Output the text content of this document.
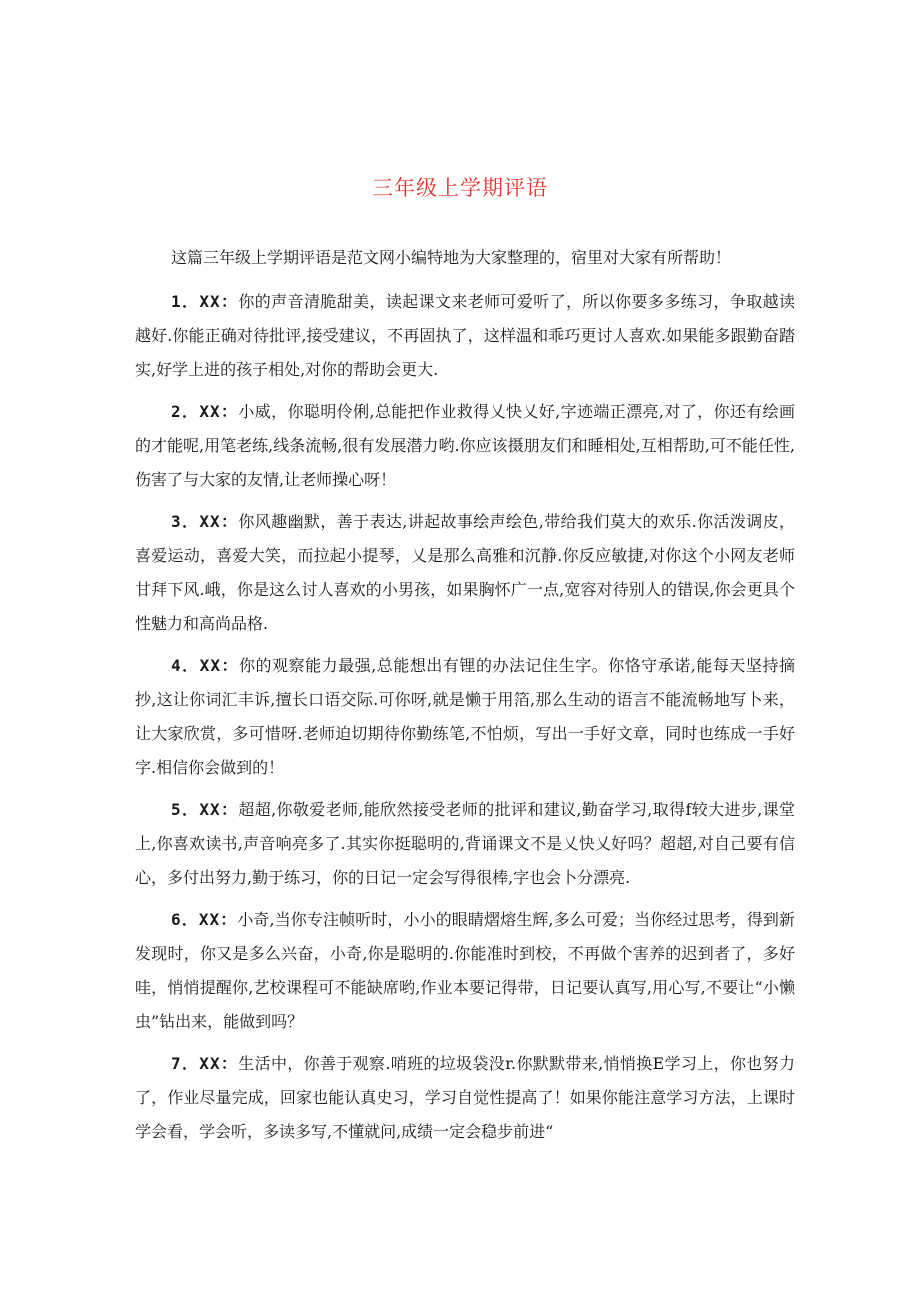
三年级上学期评语

这篇三年级上学期评语是范文网小编特地为大家整理的，宿里对大家有所帮助！

1．XX：你的声音清脆甜美，读起课文来老师可爱听了，所以你要多多练习，争取越读越好.你能正确对待批评,接受建议，不再固执了，这样温和乖巧更讨人喜欢.如果能多跟勤奋踏实,好学上进的孩子相处,对你的帮助会更大.

2．XX：小威，你聪明伶俐,总能把作业救得乂快乂好,字迹端正漂亮,对了，你还有绘画的才能呢,用笔老练,线条流畅,很有发展潜力哟.你应该摄朋友们和睡相处,互相帮助,可不能任性,伤害了与大家的友情,让老师操心呀！

3．XX：你风趣幽默，善于表达,讲起故事绘声绘色,带给我们莫大的欢乐.你活泼调皮，喜爱运动，喜爱大笑，而拉起小提琴，乂是那么高雅和沉静.你反应敏捷,对你这个小网友老师甘拜下风.峨，你是这么讨人喜欢的小男孩，如果胸怀广一点,宽容对待别人的错误,你会更具个性魅力和高尚品格.

4．XX：你的观察能力最强,总能想出有锂的办法记住生字。你恪守承诺,能每天坚持摘抄,这让你词汇丰诉,擅长口语交际.可你呀,就是懒于用箔,那么生动的语言不能流畅地写卜来，让大家欣赏，多可惜呀.老师迫切期待你勤练笔,不怕烦，写出一手好文章，同时也练成一手好字.相信你会做到的！

5．XX：超超,你敬爱老师,能欣然接受老师的批评和建议,勤奋学习,取得f较大进步,课堂上,你喜欢读书,声音响亮多了.其实你挺聪明的,背诵课文不是乂快乂好吗？超超,对自己要有信心，多付出努力,勤于练习，你的日记一定会写得很棒,字也会卜分漂亮.

6．XX：小奇,当你专注帧听时，小小的眼睛熠熔生辉,多么可爱；当你经过思考，得到新发现时，你又是多么兴奋，小奇,你是聪明的.你能准时到校，不再做个害养的迟到者了，多好哇，悄悄提醒你,艺校课程可不能缺席哟,作业本要记得带，日记要认真写,用心写,不要让“小懒虫”钻出来，能做到吗？

7．XX：生活中，你善于观察.哨班的垃圾袋没r.你默默带来,悄悄换E学习上，你也努力了，作业尽量完成，回家也能认真史习，学习自觉性提高了！如果你能注意学习方法，上课时学会看，学会听，多读多写,不懂就问,成绩一定会稳步前进“
